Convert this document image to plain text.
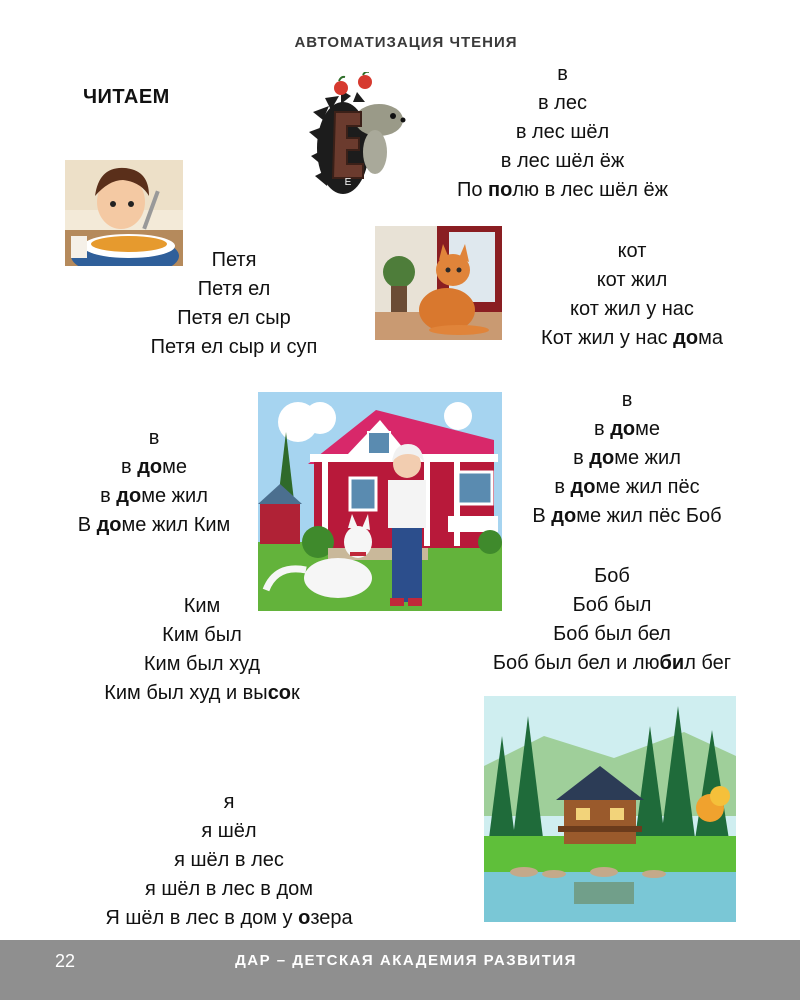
АВТОМАТИЗАЦИЯ ЧТЕНИЯ
ЧИТАЕМ
Е
в
в лес
в лес шёл
в лес шёл ёж
По полю в лес шёл ёж
Петя
Петя ел
Петя ел сыр
Петя ел сыр и суп
кот
кот жил
кот жил у нас
Кот жил у нас дома
в
в доме
в доме жил
В доме жил Ким
в
в доме
в доме жил
в доме жил пёс
В доме жил пёс Боб
Ким
Ким был
Ким был худ
Ким был худ и высок
Боб
Боб был
Боб был бел
Боб был бел и любил бег
я
я шёл
я шёл в лес
я шёл в лес в дом
Я шёл в лес в дом у озера
22	ДАР – ДЕТСКАЯ АКАДЕМИЯ РАЗВИТИЯ
